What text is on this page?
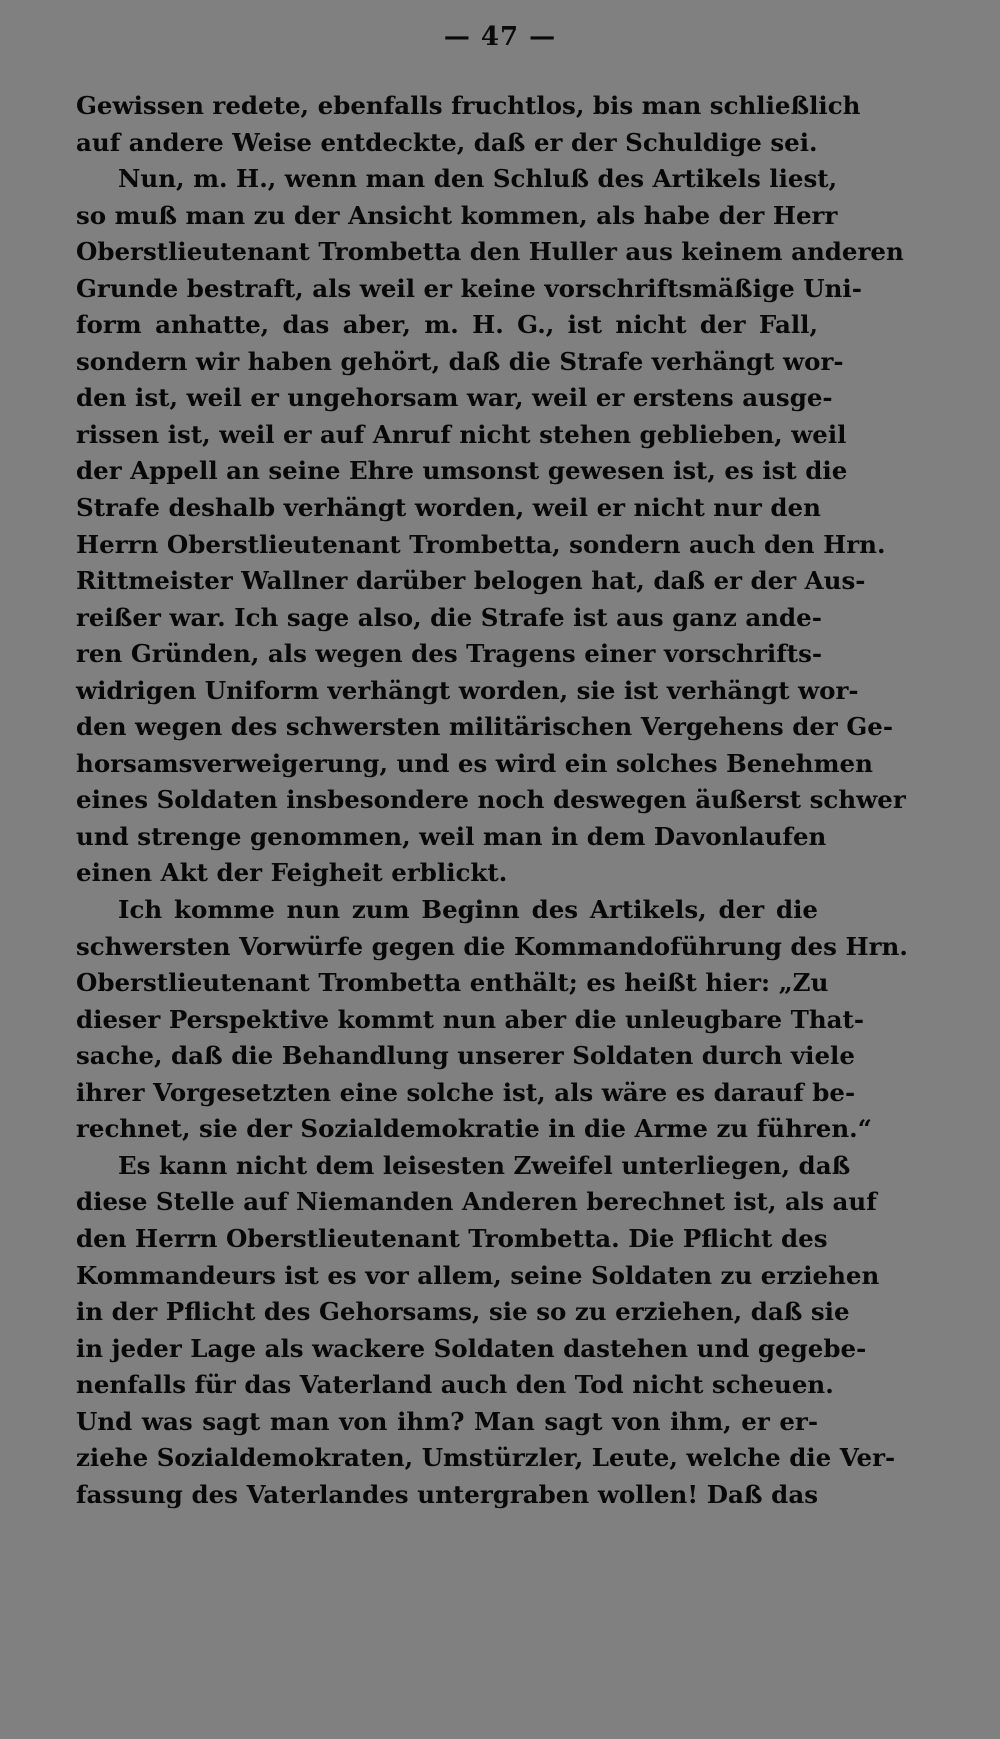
— 47 —
Gewissen redete, ebenfalls fruchtlos, bis man schließlich
auf andere Weise entdeckte, daß er der Schuldige sei.
Nun, m. H., wenn man den Schluß des Artikels liest,
so muß man zu der Ansicht kommen, als habe der Herr
Oberstlieutenant Trombetta den Huller aus keinem anderen
Grunde bestraft, als weil er keine vorschriftsmäßige Uni-
form anhatte, das aber, m. H. G., ist nicht der Fall,
sondern wir haben gehört, daß die Strafe verhängt wor-
den ist, weil er ungehorsam war, weil er erstens ausge-
rissen ist, weil er auf Anruf nicht stehen geblieben, weil
der Appell an seine Ehre umsonst gewesen ist, es ist die
Strafe deshalb verhängt worden, weil er nicht nur den
Herrn Oberstlieutenant Trombetta, sondern auch den Hrn.
Rittmeister Wallner darüber belogen hat, daß er der Aus-
reißer war. Ich sage also, die Strafe ist aus ganz ande-
ren Gründen, als wegen des Tragens einer vorschrifts-
widrigen Uniform verhängt worden, sie ist verhängt wor-
den wegen des schwersten militärischen Vergehens der Ge-
horsamsverweigerung, und es wird ein solches Benehmen
eines Soldaten insbesondere noch deswegen äußerst schwer
und strenge genommen, weil man in dem Davonlaufen
einen Akt der Feigheit erblickt.
Ich komme nun zum Beginn des Artikels, der die
schwersten Vorwürfe gegen die Kommandoführung des Hrn.
Oberstlieutenant Trombetta enthält; es heißt hier: „Zu
dieser Perspektive kommt nun aber die unleugbare That-
sache, daß die Behandlung unserer Soldaten durch viele
ihrer Vorgesetzten eine solche ist, als wäre es darauf be-
rechnet, sie der Sozialdemokratie in die Arme zu führen.“
Es kann nicht dem leisesten Zweifel unterliegen, daß
diese Stelle auf Niemanden Anderen berechnet ist, als auf
den Herrn Oberstlieutenant Trombetta. Die Pflicht des
Kommandeurs ist es vor allem, seine Soldaten zu erziehen
in der Pflicht des Gehorsams, sie so zu erziehen, daß sie
in jeder Lage als wackere Soldaten dastehen und gegebe-
nenfalls für das Vaterland auch den Tod nicht scheuen.
Und was sagt man von ihm? Man sagt von ihm, er er-
ziehe Sozialdemokraten, Umstürzler, Leute, welche die Ver-
fassung des Vaterlandes untergraben wollen! Daß das
